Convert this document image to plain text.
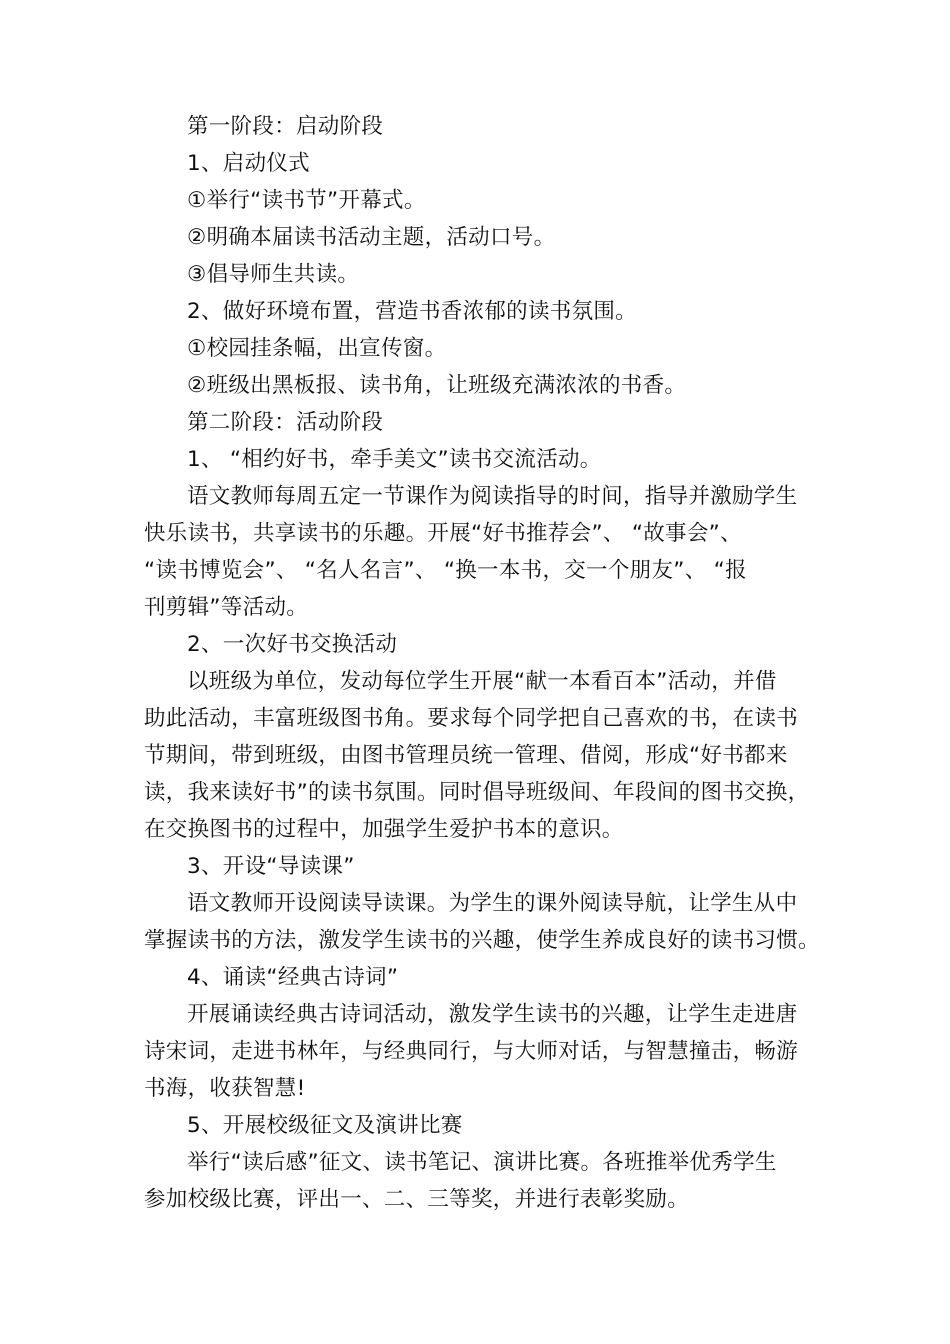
第一阶段：启动阶段
1、启动仪式
①举行“读书节”开幕式。
②明确本届读书活动主题，活动口号。
③倡导师生共读。
2、做好环境布置，营造书香浓郁的读书氛围。
①校园挂条幅，出宣传窗。
②班级出黑板报、读书角，让班级充满浓浓的书香。
第二阶段：活动阶段
1、 “相约好书，牵手美文”读书交流活动。

语文教师每周五定一节课作为阅读指导的时间，指导并激励学生
快乐读书，共享读书的乐趣。开展“好书推荐会”、 “故事会”、
“读书博览会”、 “名人名言”、 “换一本书，交一个朋友”、 “报
刊剪辑”等活动。

2、一次好书交换活动

以班级为单位，发动每位学生开展“献一本看百本”活动，并借
助此活动，丰富班级图书角。要求每个同学把自己喜欢的书，在读书
节期间，带到班级，由图书管理员统一管理、借阅，形成“好书都来
读，我来读好书”的读书氛围。同时倡导班级间、年段间的图书交换，
在交换图书的过程中，加强学生爱护书本的意识。

3、开设“导读课”

语文教师开设阅读导读课。为学生的课外阅读导航，让学生从中
掌握读书的方法，激发学生读书的兴趣，使学生养成良好的读书习惯。

4、诵读“经典古诗词”

开展诵读经典古诗词活动，激发学生读书的兴趣，让学生走进唐
诗宋词，走进书林年，与经典同行，与大师对话，与智慧撞击，畅游
书海，收获智慧!

5、开展校级征文及演讲比赛

举行“读后感”征文、读书笔记、演讲比赛。各班推举优秀学生
参加校级比赛，评出一、二、三等奖，并进行表彰奖励。
